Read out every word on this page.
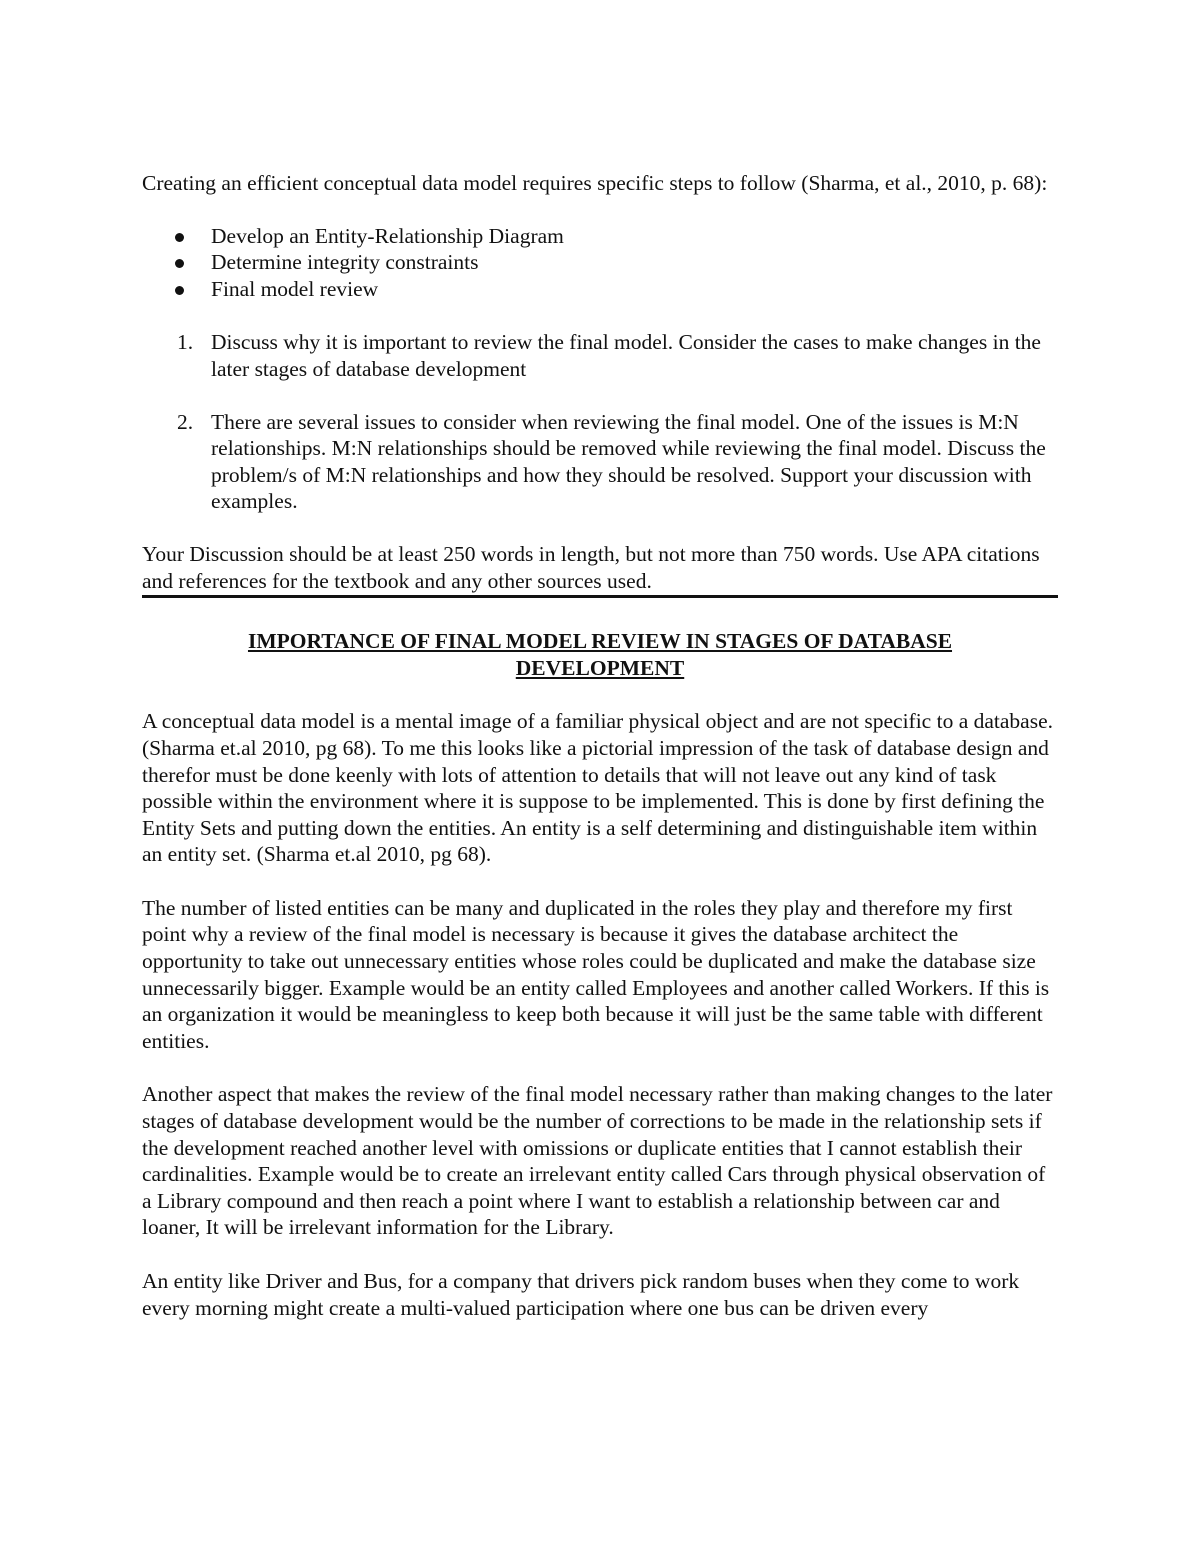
Creating an efficient conceptual data model requires specific steps to follow (Sharma, et al., 2010, p. 68):

Develop an Entity-Relationship Diagram
Determine integrity constraints
Final model review
1. Discuss why it is important to review the final model. Consider the cases to make changes in the later stages of database development
2. There are several issues to consider when reviewing the final model. One of the issues is M:N relationships. M:N relationships should be removed while reviewing the final model. Discuss the problem/s of M:N relationships and how they should be resolved. Support your discussion with examples.

Your Discussion should be at least 250 words in length, but not more than 750 words. Use APA citations and references for the textbook and any other sources used.

IMPORTANCE OF FINAL MODEL REVIEW IN STAGES OF DATABASE DEVELOPMENT

A conceptual data model is a mental image of a familiar physical object and are not specific to a database. (Sharma et.al 2010, pg 68). To me this looks like a pictorial impression of the task of database design and therefor must be done keenly with lots of attention to details that will not leave out any kind of task possible within the environment where it is suppose to be implemented. This is done by first defining the Entity Sets and putting down the entities. An entity is a self determining and distinguishable item within an entity set. (Sharma et.al 2010, pg 68).

The number of listed entities can be many and duplicated in the roles they play and therefore my first point why a review of the final model is necessary is because it gives the database architect the opportunity to take out unnecessary entities whose roles could be duplicated and make the database size unnecessarily bigger. Example would be an entity called Employees and another called Workers. If this is an organization it would be meaningless to keep both because it will just be the same table with different entities.

Another aspect that makes the review of the final model necessary rather than making changes to the later stages of database development would be the number of corrections to be made in the relationship sets if the development reached another level with omissions or duplicate entities that I cannot establish their cardinalities. Example would be to create an irrelevant entity called Cars through physical observation of a Library compound and then reach a point where I want to establish a relationship between car and loaner, It will be irrelevant information for the Library.

An entity like Driver and Bus, for a company that drivers pick random buses when they come to work every morning might create a multi-valued participation where one bus can be driven every
